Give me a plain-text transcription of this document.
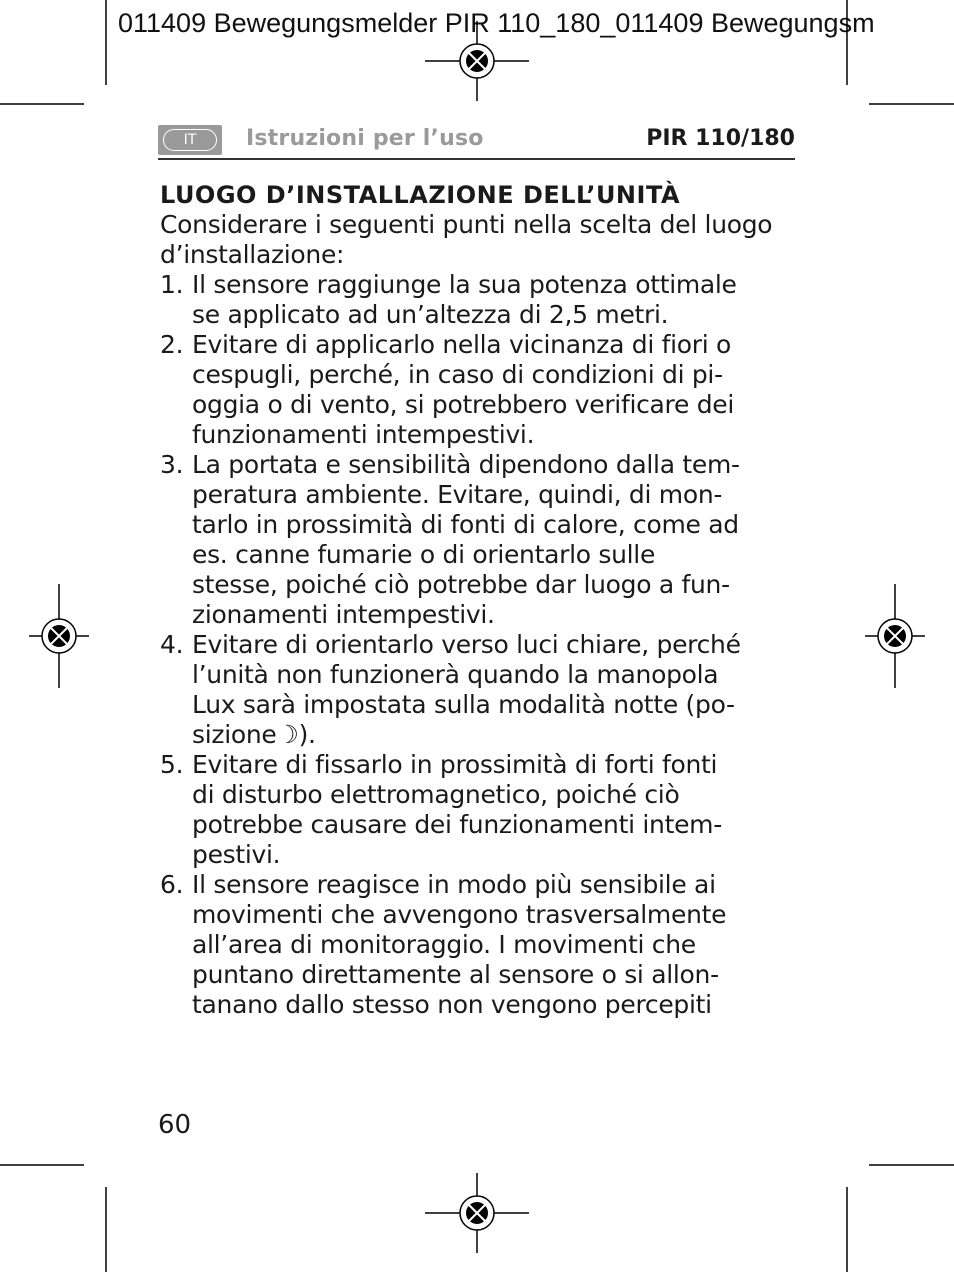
011409 Bewegungsmelder PIR 110_180_011409 Bewegungsm
IT	Istruzioni per l’uso	PIR 110/180

LUOGO D’INSTALLAZIONE DELL’UNITÀ

Considerare i seguenti punti nella scelta del luogo d’installazione:

1. Il sensore raggiunge la sua potenza ottimale
se applicato ad un’altezza di 2,5 metri.
2. Evitare di applicarlo nella vicinanza di fiori o
cespugli, perché, in caso di condizioni di pi-
oggia o di vento, si potrebbero verificare dei
funzionamenti intempestivi.
3. La portata e sensibilità dipendono dalla tem-
peratura ambiente. Evitare, quindi, di mon-
tarlo in prossimità di fonti di calore, come ad
es. canne fumarie o di orientarlo sulle
stesse, poiché ciò potrebbe dar luogo a fun-
zionamenti intempestivi.
4. Evitare di orientarlo verso luci chiare, perché
l’unità non funzionerà quando la manopola
Lux sarà impostata sulla modalità notte (po-
sizione☽).
5. Evitare di fissarlo in prossimità di forti fonti
di disturbo elettromagnetico, poiché ciò
potrebbe causare dei funzionamenti intem-
pestivi.
6. Il sensore reagisce in modo più sensibile ai
movimenti che avvengono trasversalmente
all’area di monitoraggio. I movimenti che
puntano direttamente al sensore o si allon-
tanano dallo stesso non vengono percepiti
60
